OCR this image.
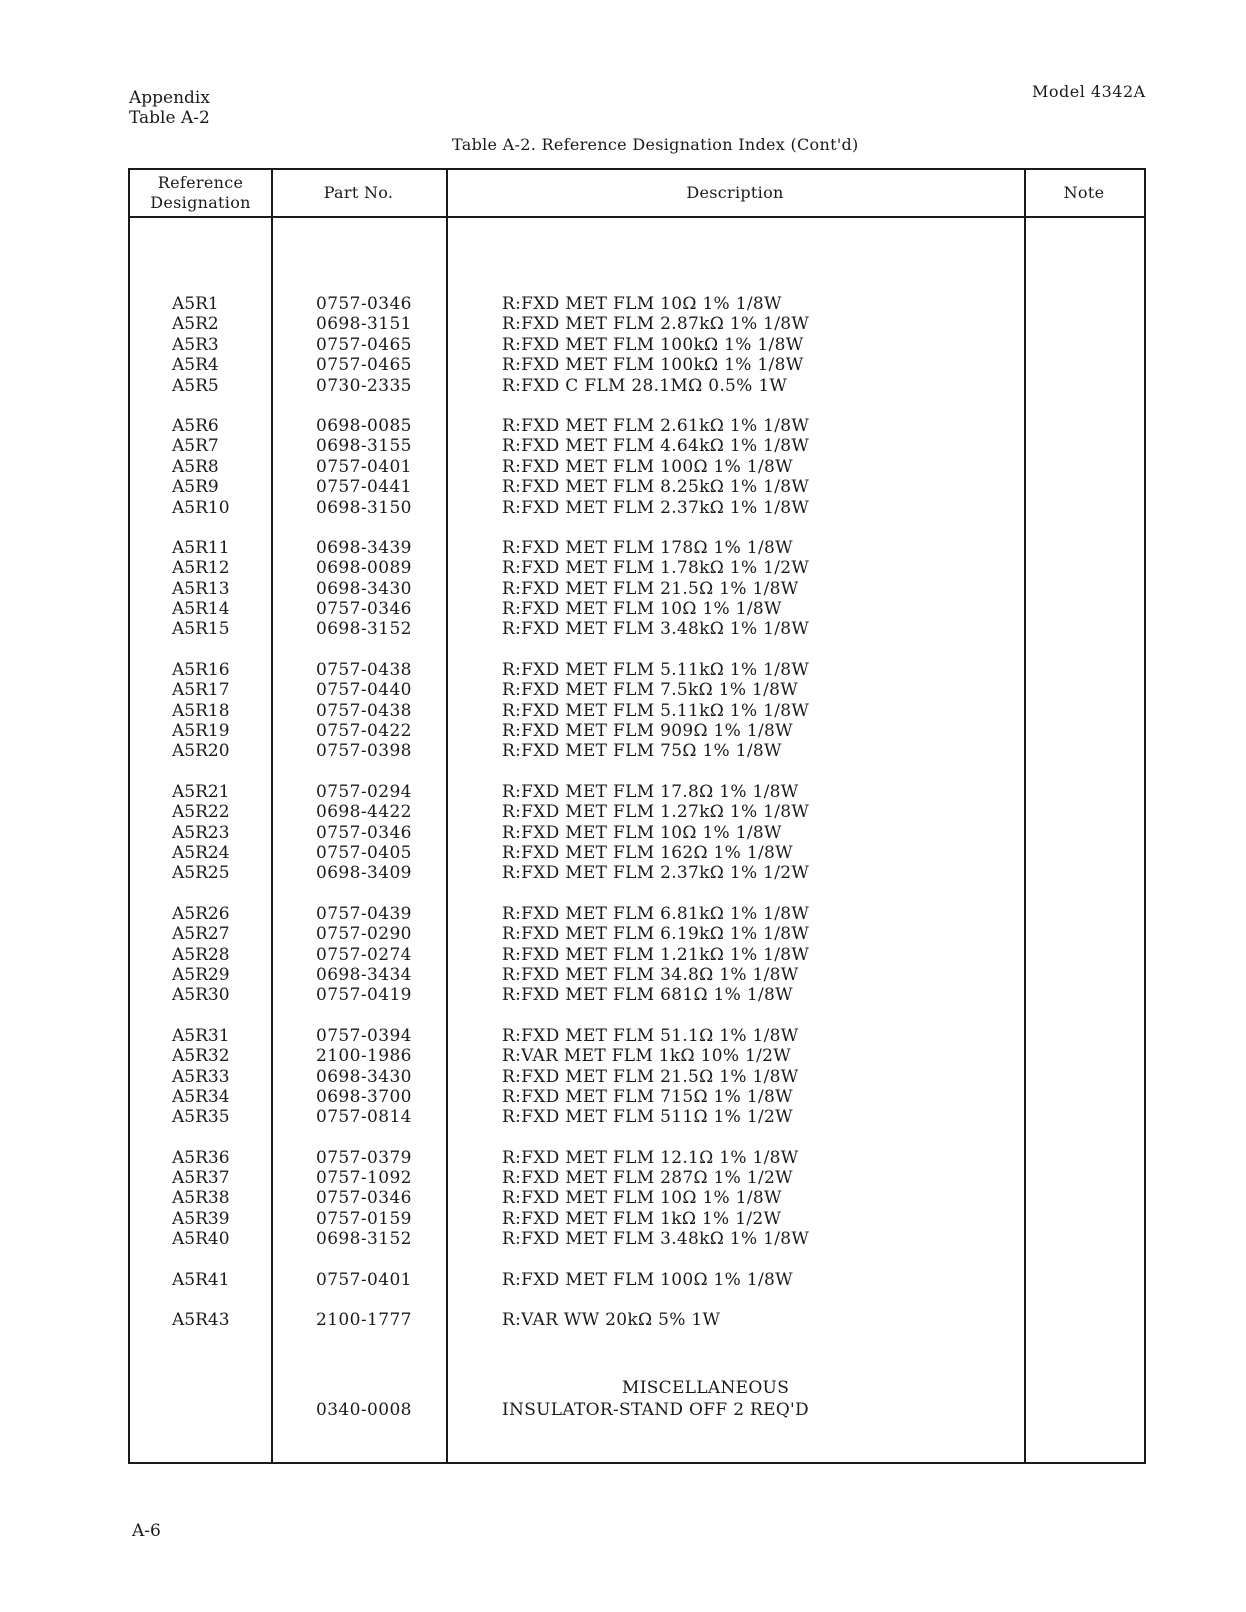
Appendix
Table A-2
Model 4342A
Table A-2. Reference Designation Index (Cont'd)
Reference
Designation
Part No.	Description	Note
A5R1	0757-0346	R:FXD MET FLM 10Ω 1% 1/8W
A5R2	0698-3151	R:FXD MET FLM 2.87kΩ 1% 1/8W
A5R3	0757-0465	R:FXD MET FLM 100kΩ 1% 1/8W
A5R4	0757-0465	R:FXD MET FLM 100kΩ 1% 1/8W
A5R5	0730-2335	R:FXD C FLM 28.1MΩ 0.5% 1W
A5R6	0698-0085	R:FXD MET FLM 2.61kΩ 1% 1/8W
A5R7	0698-3155	R:FXD MET FLM 4.64kΩ 1% 1/8W
A5R8	0757-0401	R:FXD MET FLM 100Ω 1% 1/8W
A5R9	0757-0441	R:FXD MET FLM 8.25kΩ 1% 1/8W
A5R10	0698-3150	R:FXD MET FLM 2.37kΩ 1% 1/8W
A5R11	0698-3439	R:FXD MET FLM 178Ω 1% 1/8W
A5R12	0698-0089	R:FXD MET FLM 1.78kΩ 1% 1/2W
A5R13	0698-3430	R:FXD MET FLM 21.5Ω 1% 1/8W
A5R14	0757-0346	R:FXD MET FLM 10Ω 1% 1/8W
A5R15	0698-3152	R:FXD MET FLM 3.48kΩ 1% 1/8W
A5R16	0757-0438	R:FXD MET FLM 5.11kΩ 1% 1/8W
A5R17	0757-0440	R:FXD MET FLM 7.5kΩ 1% 1/8W
A5R18	0757-0438	R:FXD MET FLM 5.11kΩ 1% 1/8W
A5R19	0757-0422	R:FXD MET FLM 909Ω 1% 1/8W
A5R20	0757-0398	R:FXD MET FLM 75Ω 1% 1/8W
A5R21	0757-0294	R:FXD MET FLM 17.8Ω 1% 1/8W
A5R22	0698-4422	R:FXD MET FLM 1.27kΩ 1% 1/8W
A5R23	0757-0346	R:FXD MET FLM 10Ω 1% 1/8W
A5R24	0757-0405	R:FXD MET FLM 162Ω 1% 1/8W
A5R25	0698-3409	R:FXD MET FLM 2.37kΩ 1% 1/2W
A5R26	0757-0439	R:FXD MET FLM 6.81kΩ 1% 1/8W
A5R27	0757-0290	R:FXD MET FLM 6.19kΩ 1% 1/8W
A5R28	0757-0274	R:FXD MET FLM 1.21kΩ 1% 1/8W
A5R29	0698-3434	R:FXD MET FLM 34.8Ω 1% 1/8W
A5R30	0757-0419	R:FXD MET FLM 681Ω 1% 1/8W
A5R31	0757-0394	R:FXD MET FLM 51.1Ω 1% 1/8W
A5R32	2100-1986	R:VAR MET FLM 1kΩ 10% 1/2W
A5R33	0698-3430	R:FXD MET FLM 21.5Ω 1% 1/8W
A5R34	0698-3700	R:FXD MET FLM 715Ω 1% 1/8W
A5R35	0757-0814	R:FXD MET FLM 511Ω 1% 1/2W
A5R36	0757-0379	R:FXD MET FLM 12.1Ω 1% 1/8W
A5R37	0757-1092	R:FXD MET FLM 287Ω 1% 1/2W
A5R38	0757-0346	R:FXD MET FLM 10Ω 1% 1/8W
A5R39	0757-0159	R:FXD MET FLM 1kΩ 1% 1/2W
A5R40	0698-3152	R:FXD MET FLM 3.48kΩ 1% 1/8W
A5R41	0757-0401	R:FXD MET FLM 100Ω 1% 1/8W
A5R43	2100-1777	R:VAR WW 20kΩ 5% 1W
MISCELLANEOUS
0340-0008	INSULATOR-STAND OFF 2 REQ'D
A-6
